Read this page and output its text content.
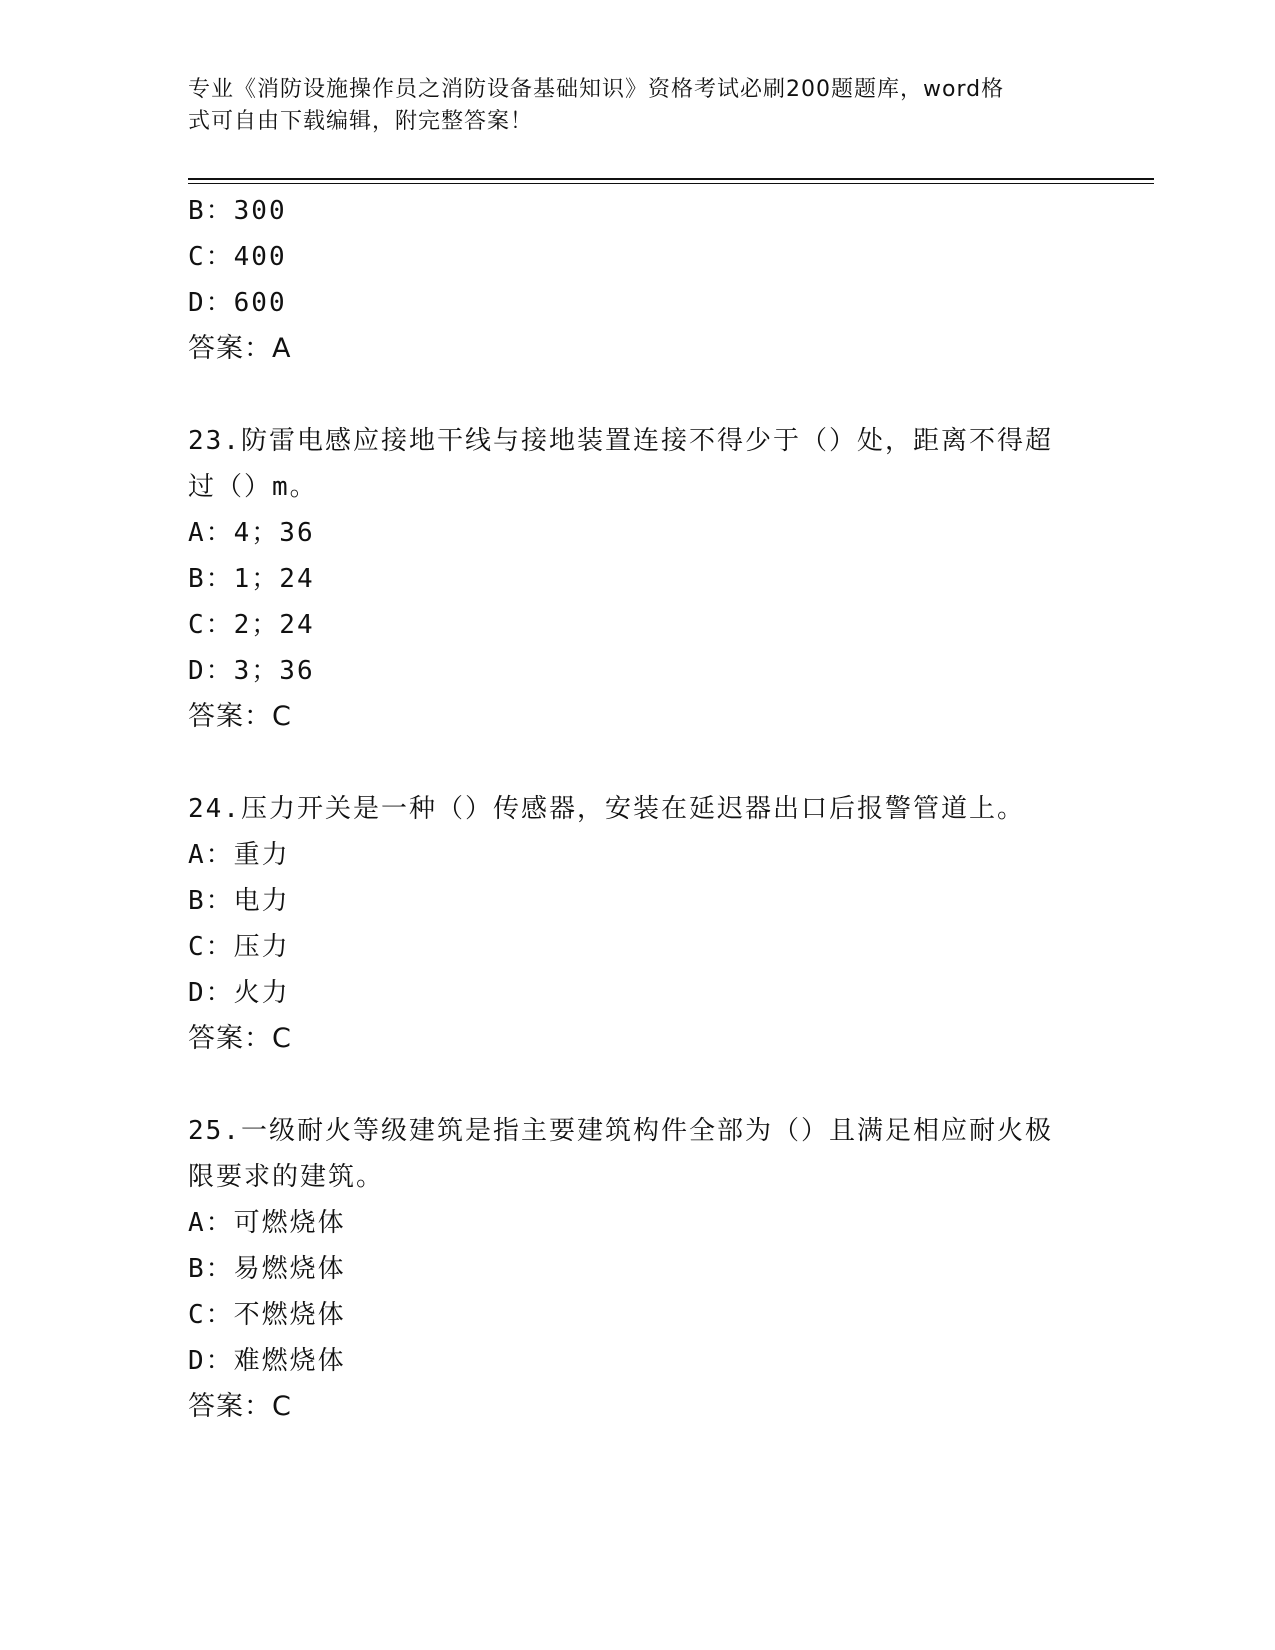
专业《消防设施操作员之消防设备基础知识》资格考试必刷200题题库，word格
式可自由下载编辑，附完整答案！
B：300
C：400
D：600
答案：A
23.防雷电感应接地干线与接地装置连接不得少于（）处，距离不得超
过（）m。
A：4；36
B：1；24
C：2；24
D：3；36
答案：C
24.压力开关是一种（）传感器，安装在延迟器出口后报警管道上。
A：重力
B：电力
C：压力
D：火力
答案：C
25.一级耐火等级建筑是指主要建筑构件全部为（）且满足相应耐火极
限要求的建筑。
A：可燃烧体
B：易燃烧体
C：不燃烧体
D：难燃烧体
答案：C
